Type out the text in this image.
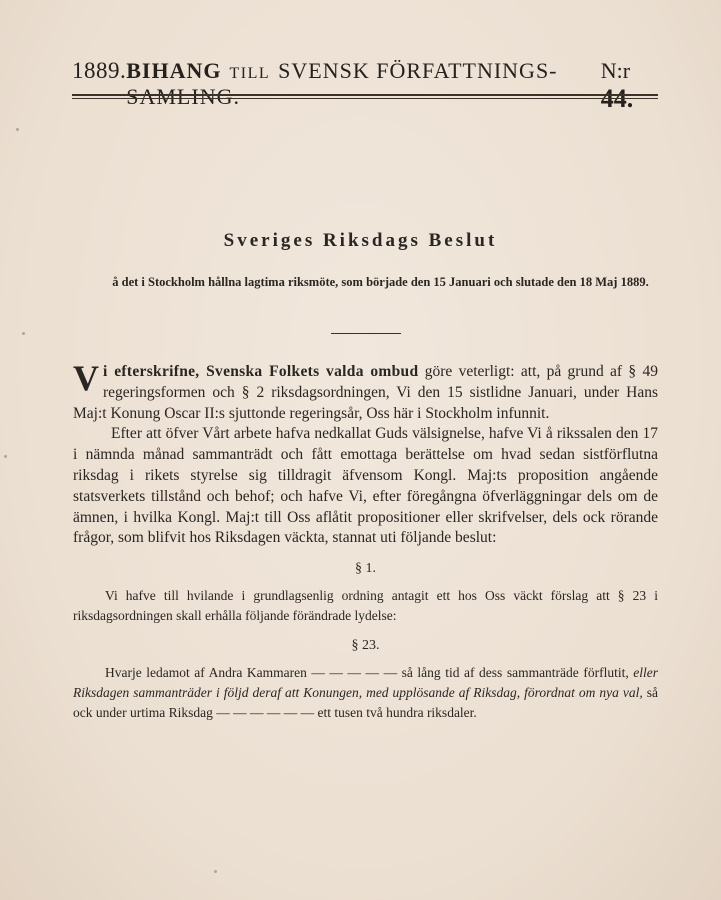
1889. BIHANG TILL SVENSK FÖRFATTNINGS-SAMLING.
N:r 44.
Sveriges Riksdags Beslut
å det i Stockholm hållna lagtima riksmöte, som började den 15 Januari och slutade den 18 Maj 1889.

Vi efterskrifne, Svenska Folkets valda ombud göre veterligt: att, på grund af § 49 regeringsformen och § 2 riksdagsordningen, Vi den 15 sistlidne Januari, under Hans Maj:t Konung Oscar II:s sjuttonde regeringsår, Oss här i Stockholm infunnit.

Efter att öfver Vårt arbete hafva nedkallat Guds välsignelse, hafve Vi å rikssalen den 17 i nämnda månad sammanträdt och fått emottaga berättelse om hvad sedan sistförflutna riksdag i rikets styrelse sig tilldragit äfvensom Kongl. Maj:ts proposition angående statsverkets tillstånd och behof; och hafve Vi, efter föregångna öfverläggningar dels om de ämnen, i hvilka Kongl. Maj:t till Oss aflåtit propositioner eller skrifvelser, dels ock rörande frågor, som blifvit hos Riksdagen väckta, stannat uti följande beslut:

§ 1.

Vi hafve till hvilande i grundlagsenlig ordning antagit ett hos Oss väckt förslag att § 23 i riksdagsordningen skall erhålla följande förändrade lydelse:

§ 23.

Hvarje ledamot af Andra Kammaren — — — — — så lång tid af dess sammanträde förflutit, eller Riksdagen sammanträder i följd deraf att Konungen, med upplösande af Riksdag, förordnat om nya val, så ock under urtima Riksdag — — — — — — ett tusen två hundra riksdaler.
